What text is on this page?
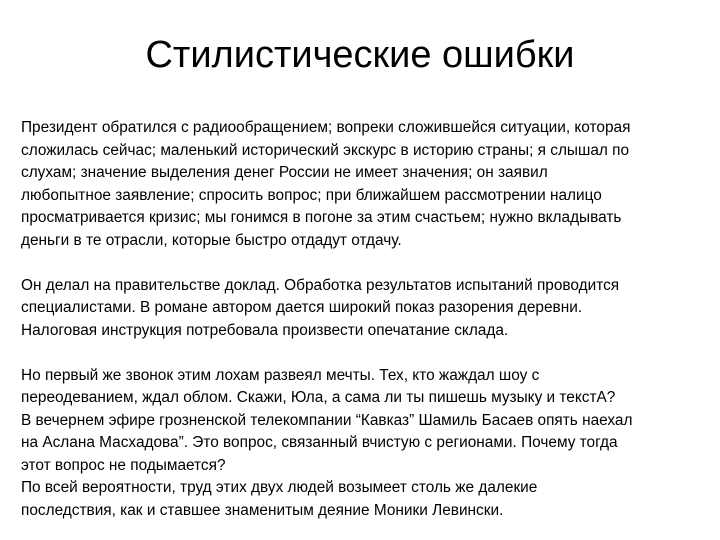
Стилистические ошибки

Президент обратился с радиообращением; вопреки сложившейся ситуации, которая
сложилась сейчас; маленький исторический экскурс в историю страны; я слышал по
слухам; значение выделения денег России не имеет значения; он заявил
любопытное заявление; спросить вопрос; при ближайшем рассмотрении налицо
просматривается кризис; мы гонимся в погоне за этим счастьем; нужно вкладывать
деньги в те отрасли, которые быстро отдадут отдачу.

Он делал на правительстве доклад. Обработка результатов испытаний проводится
специалистами. В романе автором дается широкий показ разорения деревни.
Налоговая инструкция потребовала произвести опечатание склада.

Но первый же звонок этим лохам развеял мечты. Тех, кто жаждал шоу с
переодеванием, ждал облом. Скажи, Юла, а сама ли ты пишешь музыку и текстА?
В вечернем эфире грозненской телекомпании “Кавказ” Шамиль Басаев опять наехал
на Аслана Масхадова”. Это вопрос, связанный вчистую с регионами. Почему тогда
этот вопрос не подымается?
По всей вероятности, труд этих двух людей возымеет столь же далекие
последствия, как и ставшее знаменитым деяние Моники Левински.
